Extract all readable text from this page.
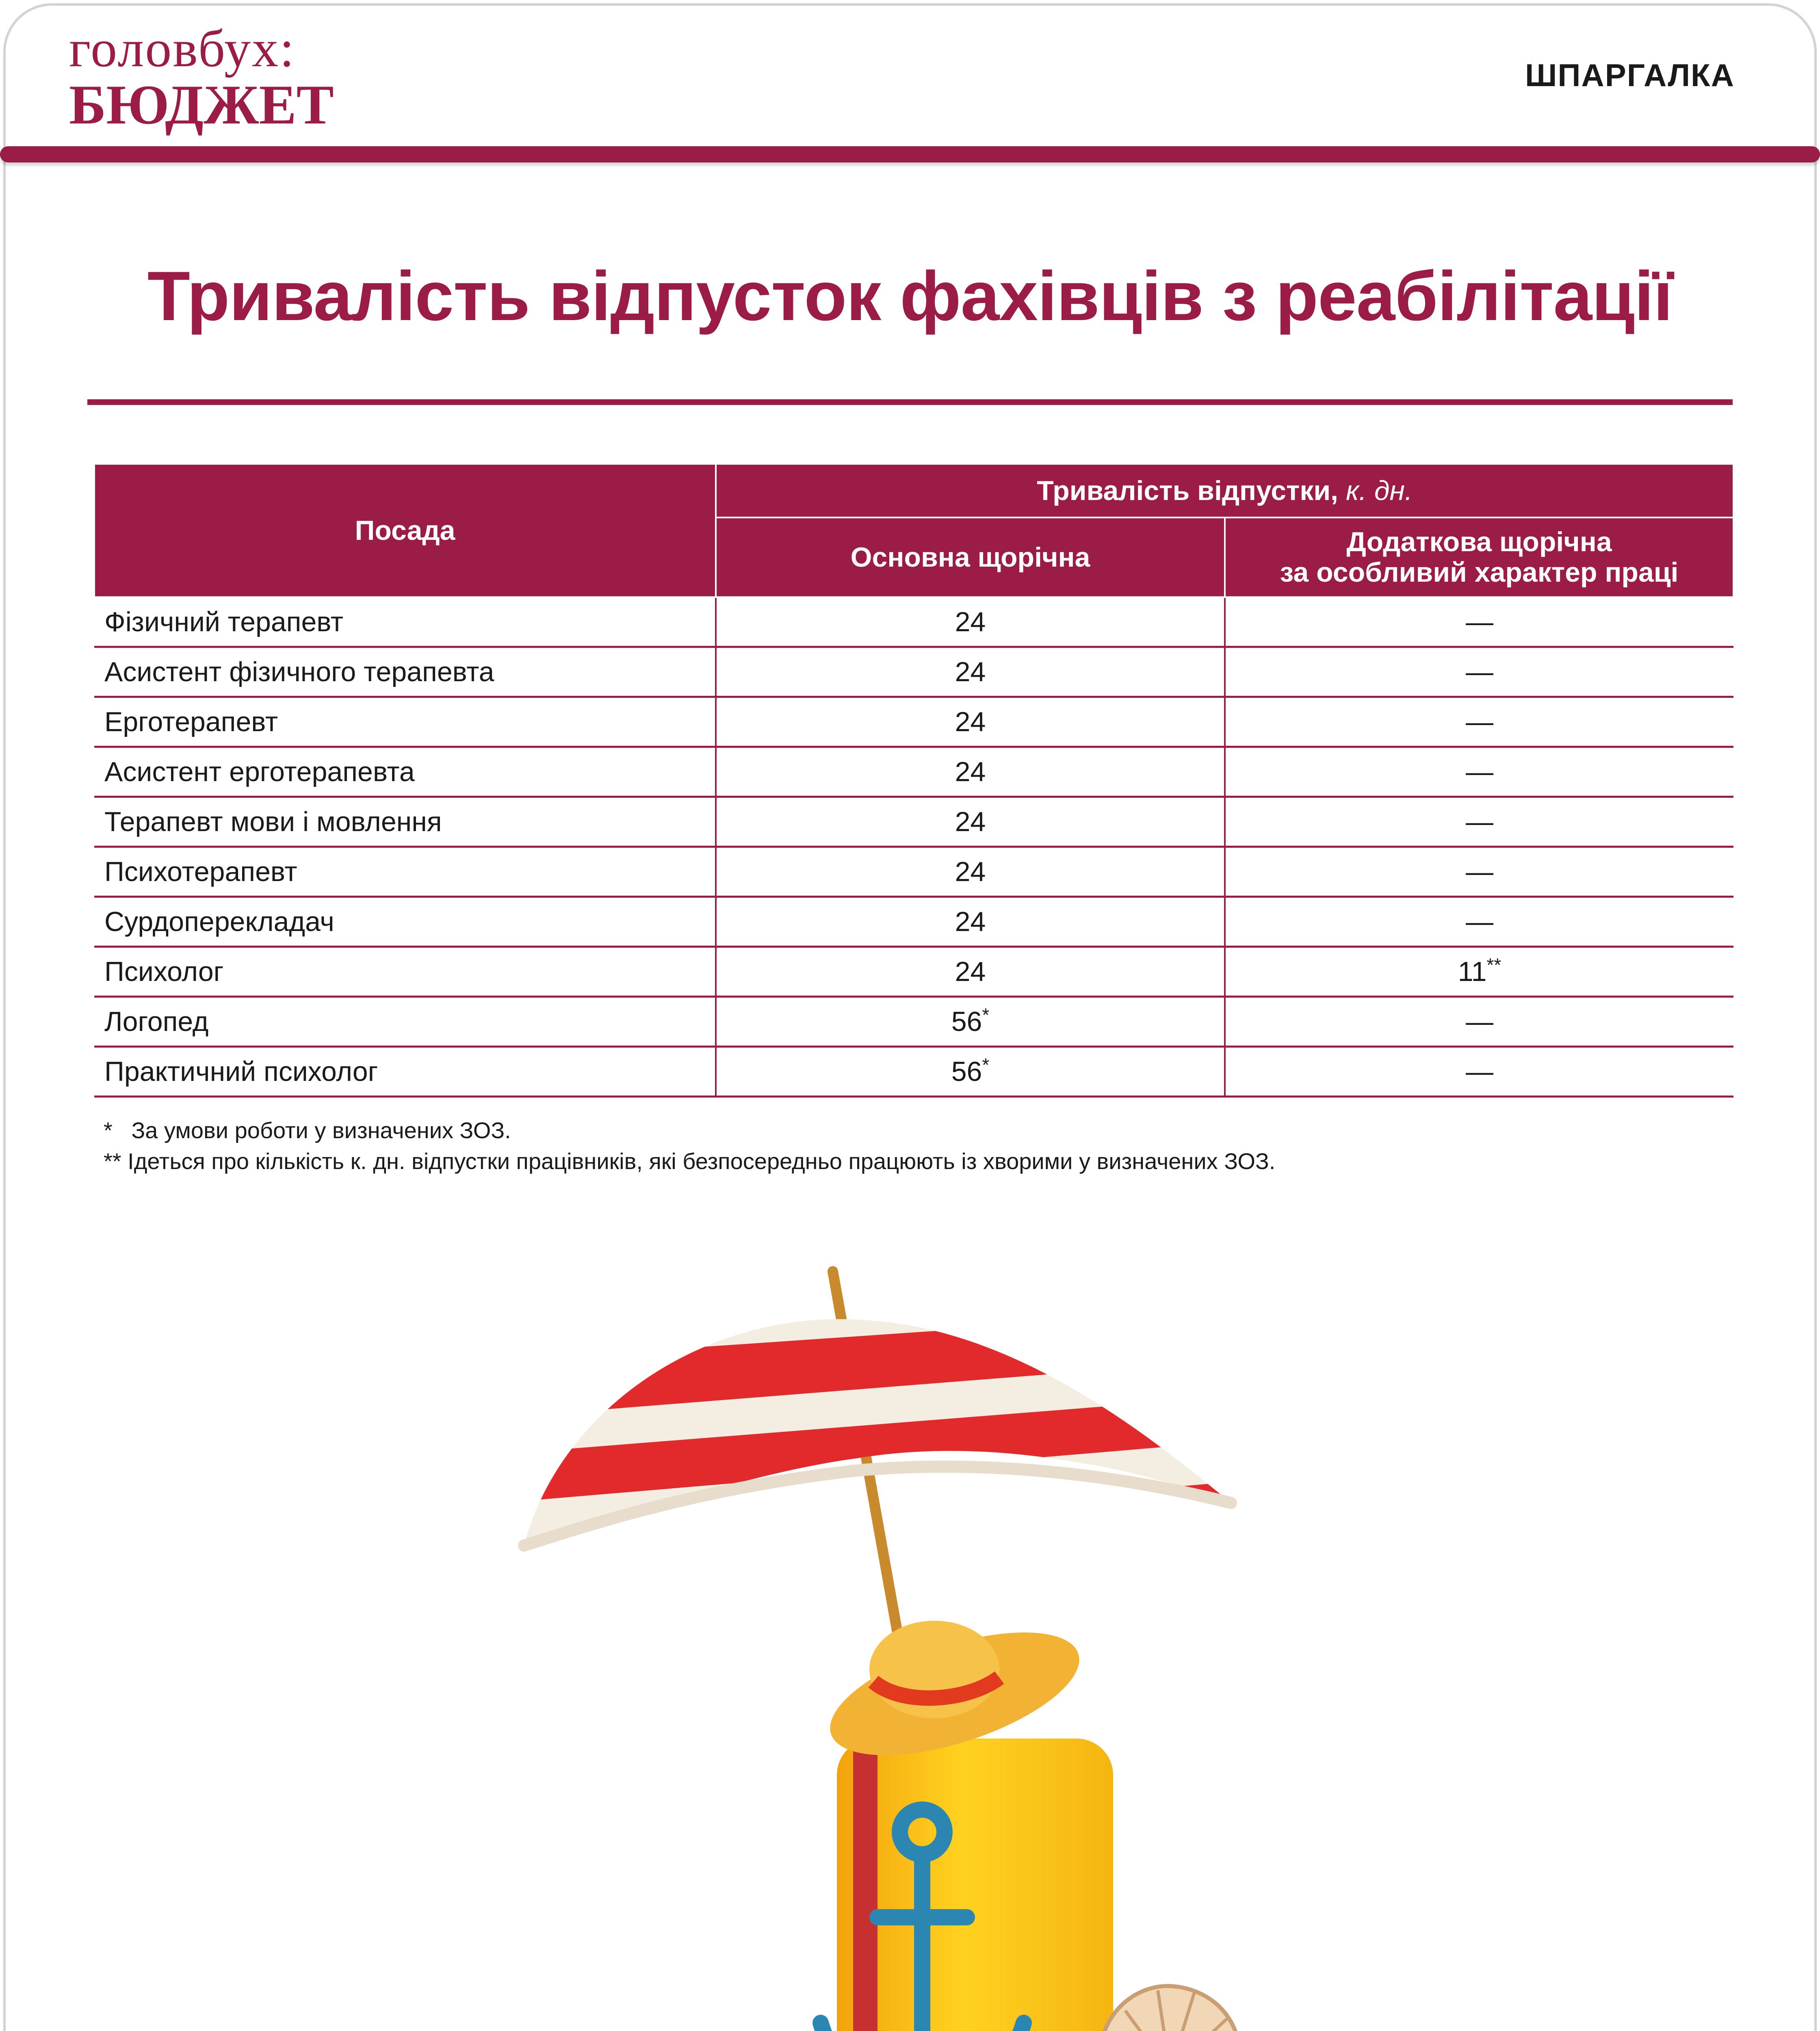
головбух:
БЮДЖЕТ	ШПАРГАЛКА
Тривалість відпусток фахівців з реабілітації
Посада	Тривалість відпустки, к. дн.	
	Основна щорічна	Додаткова щорічна
за особливий характер праці

Фізичний терапевт	24	—
Асистент фізичного терапевта	24	—
Ерготерапевт	24	—
Асистент ерготерапевта	24	—
Терапевт мови і мовлення	24	—
Психотерапевт	24	—
Сурдоперекладач	24	—
Психолог	24	11**
Логопед	56*	—
Практичний психолог	56*	—
*   За умови роботи у визначених ЗОЗ.
** Ідеться про кількість к. дн. відпустки працівників, які безпосередньо працюють із хворими у визначених ЗОЗ.
